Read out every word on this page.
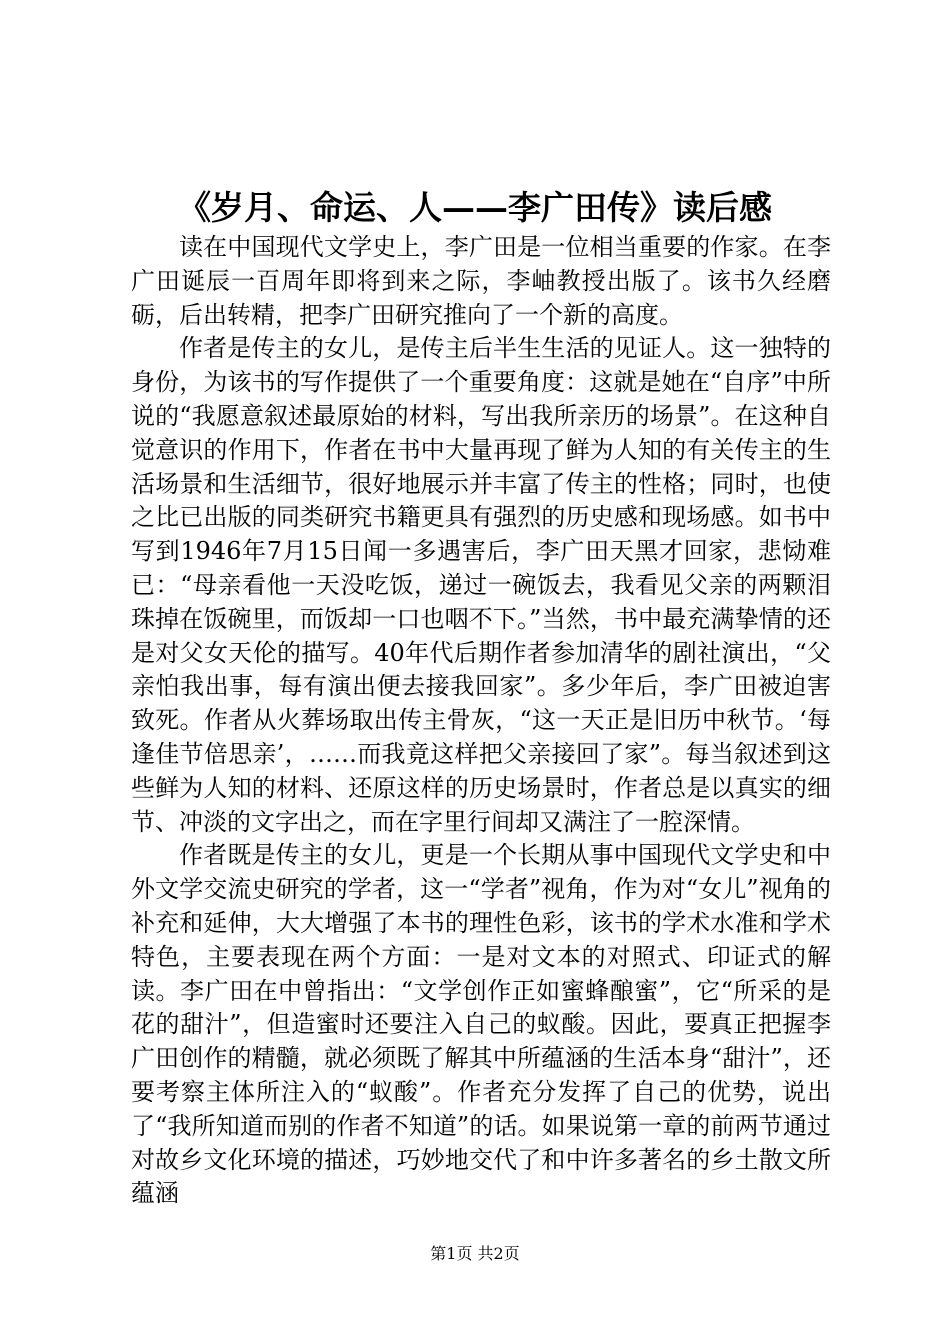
《岁月、命运、人——李广田传》读后感

读在中国现代文学史上，李广田是一位相当重要的作家。在李广田诞辰一百周年即将到来之际，李岫教授出版了。该书久经磨砺，后出转精，把李广田研究推向了一个新的高度。

作者是传主的女儿，是传主后半生生活的见证人。这一独特的身份，为该书的写作提供了一个重要角度：这就是她在“自序”中所说的“我愿意叙述最原始的材料，写出我所亲历的场景”。在这种自觉意识的作用下，作者在书中大量再现了鲜为人知的有关传主的生活场景和生活细节，很好地展示并丰富了传主的性格；同时，也使之比已出版的同类研究书籍更具有强烈的历史感和现场感。如书中写到1946年7月15日闻一多遇害后，李广田天黑才回家，悲恸难已：“母亲看他一天没吃饭，递过一碗饭去，我看见父亲的两颗泪珠掉在饭碗里，而饭却一口也咽不下。”当然，书中最充满挚情的还是对父女天伦的描写。40年代后期作者参加清华的剧社演出，“父亲怕我出事，每有演出便去接我回家”。多少年后，李广田被迫害致死。作者从火葬场取出传主骨灰，“这一天正是旧历中秋节。‘每逢佳节倍思亲’，……而我竟这样把父亲接回了家”。每当叙述到这些鲜为人知的材料、还原这样的历史场景时，作者总是以真实的细节、冲淡的文字出之，而在字里行间却又满注了一腔深情。

作者既是传主的女儿，更是一个长期从事中国现代文学史和中外文学交流史研究的学者，这一“学者”视角，作为对“女儿”视角的补充和延伸，大大增强了本书的理性色彩，该书的学术水准和学术特色，主要表现在两个方面：一是对文本的对照式、印证式的解读。李广田在中曾指出：“文学创作正如蜜蜂酿蜜”，它“所采的是花的甜汁”，但造蜜时还要注入自己的蚁酸。因此，要真正把握李广田创作的精髓，就必须既了解其中所蕴涵的生活本身“甜汁”，还要考察主体所注入的“蚁酸”。作者充分发挥了自己的优势，说出了“我所知道而别的作者不知道”的话。如果说第一章的前两节通过对故乡文化环境的描述，巧妙地交代了和中许多著名的乡土散文所蕴涵

第1页 共2页
